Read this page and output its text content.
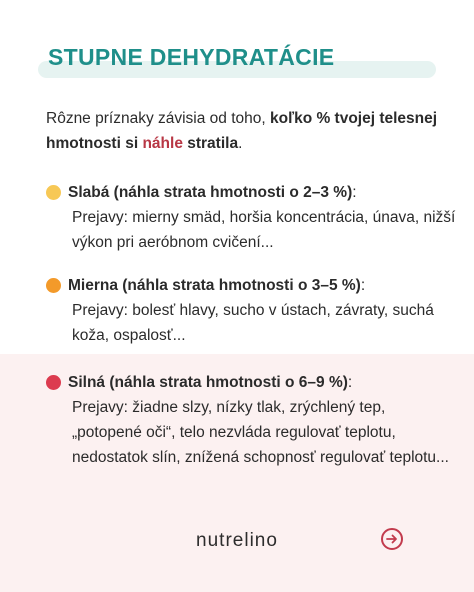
STUPNE DEHYDRATÁCIE
Rôzne príznaky závisia od toho, koľko % tvojej telesnej hmotnosti si náhle stratila.
Slabá (náhla strata hmotnosti o 2–3 %) :
Prejavy: mierny smäd, horšia koncentrácia, únava, nižší výkon pri aeróbnom cvičení...
Mierna (náhla strata hmotnosti o 3–5 %) :
Prejavy: bolesť hlavy, sucho v ústach, závraty, suchá koža, ospalosť...
Silná (náhla strata hmotnosti o 6–9 %) :
Prejavy: žiadne slzy, nízky tlak, zrýchlený tep, „potopené oči“, telo nezvláda regulovať teplotu, nedostatok slín, znížená schopnosť regulovať teplotu...
nutrelino
